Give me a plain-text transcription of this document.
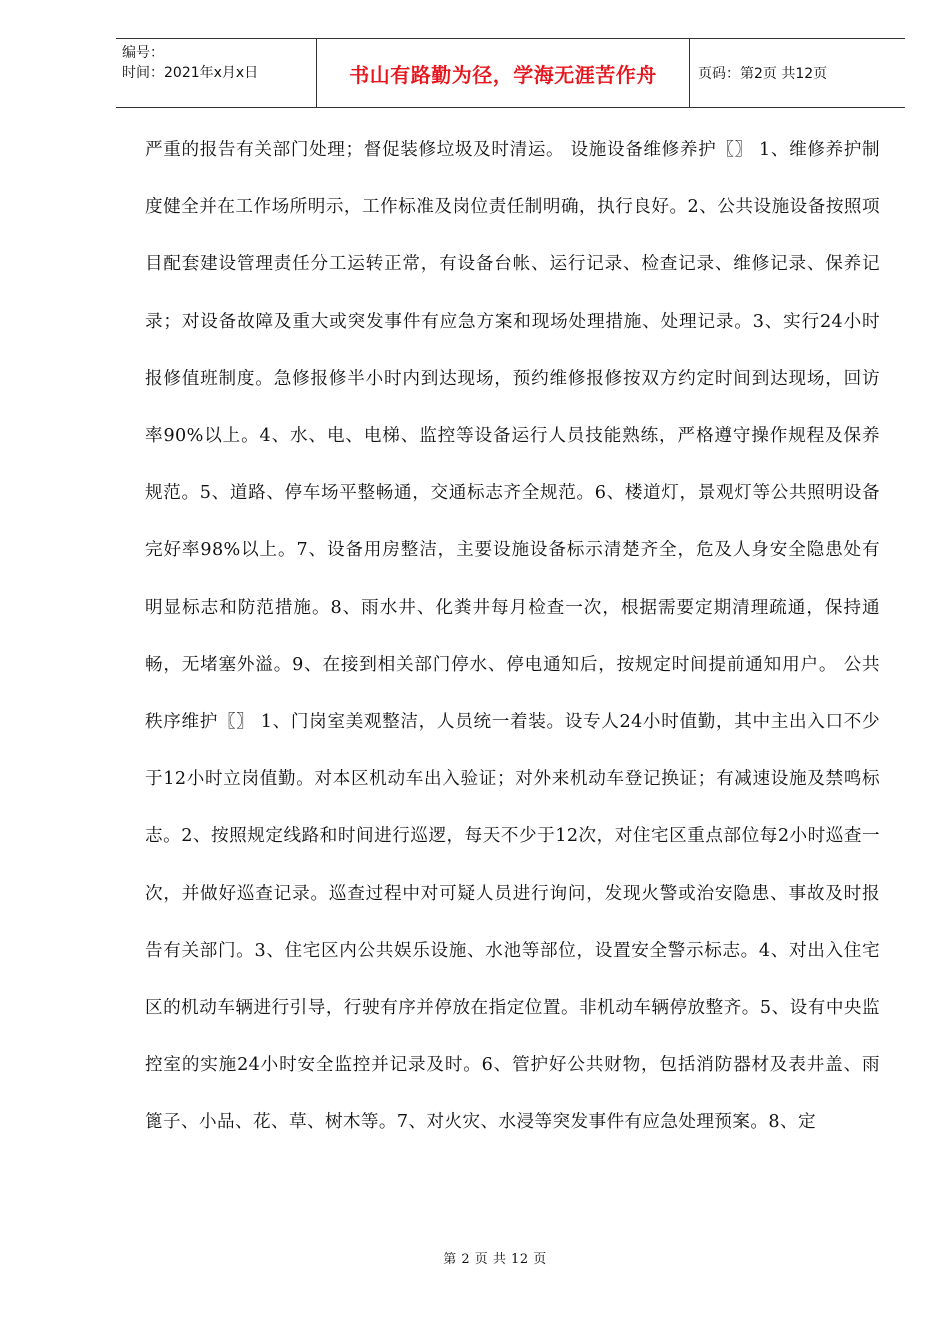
编号：
时间：2021年x月x日	书山有路勤为径，学海无涯苦作舟	页码：第2页 共12页
严重的报告有关部门处理；督促装修垃圾及时清运。 设施设备维修养护〖〗 1、维修养护制度健全并在工作场所明示，工作标准及岗位责任制明确，执行良好。2、公共设施设备按照项目配套建设管理责任分工运转正常，有设备台帐、运行记录、检查记录、维修记录、保养记录；对设备故障及重大或突发事件有应急方案和现场处理措施、处理记录。3、实行24小时报修值班制度。急修报修半小时内到达现场，预约维修报修按双方约定时间到达现场，回访率90%以上。4、水、电、电梯、监控等设备运行人员技能熟练，严格遵守操作规程及保养规范。5、道路、停车场平整畅通，交通标志齐全规范。6、楼道灯，景观灯等公共照明设备完好率98%以上。7、设备用房整洁，主要设施设备标示清楚齐全，危及人身安全隐患处有明显标志和防范措施。8、雨水井、化粪井每月检查一次，根据需要定期清理疏通，保持通畅，无堵塞外溢。9、在接到相关部门停水、停电通知后，按规定时间提前通知用户。 公共秩序维护〖〗 1、门岗室美观整洁，人员统一着装。设专人24小时值勤，其中主出入口不少于12小时立岗值勤。对本区机动车出入验证；对外来机动车登记换证；有减速设施及禁鸣标志。2、按照规定线路和时间进行巡逻，每天不少于12次，对住宅区重点部位每2小时巡查一次，并做好巡查记录。巡查过程中对可疑人员进行询问，发现火警或治安隐患、事故及时报告有关部门。3、住宅区内公共娱乐设施、水池等部位，设置安全警示标志。4、对出入住宅区的机动车辆进行引导，行驶有序并停放在指定位置。非机动车辆停放整齐。5、设有中央监控室的实施24小时安全监控并记录及时。6、管护好公共财物，包括消防器材及表井盖、雨篦子、小品、花、草、树木等。7、对火灾、水浸等突发事件有应急处理预案。8、定
第 2 页 共 12 页
